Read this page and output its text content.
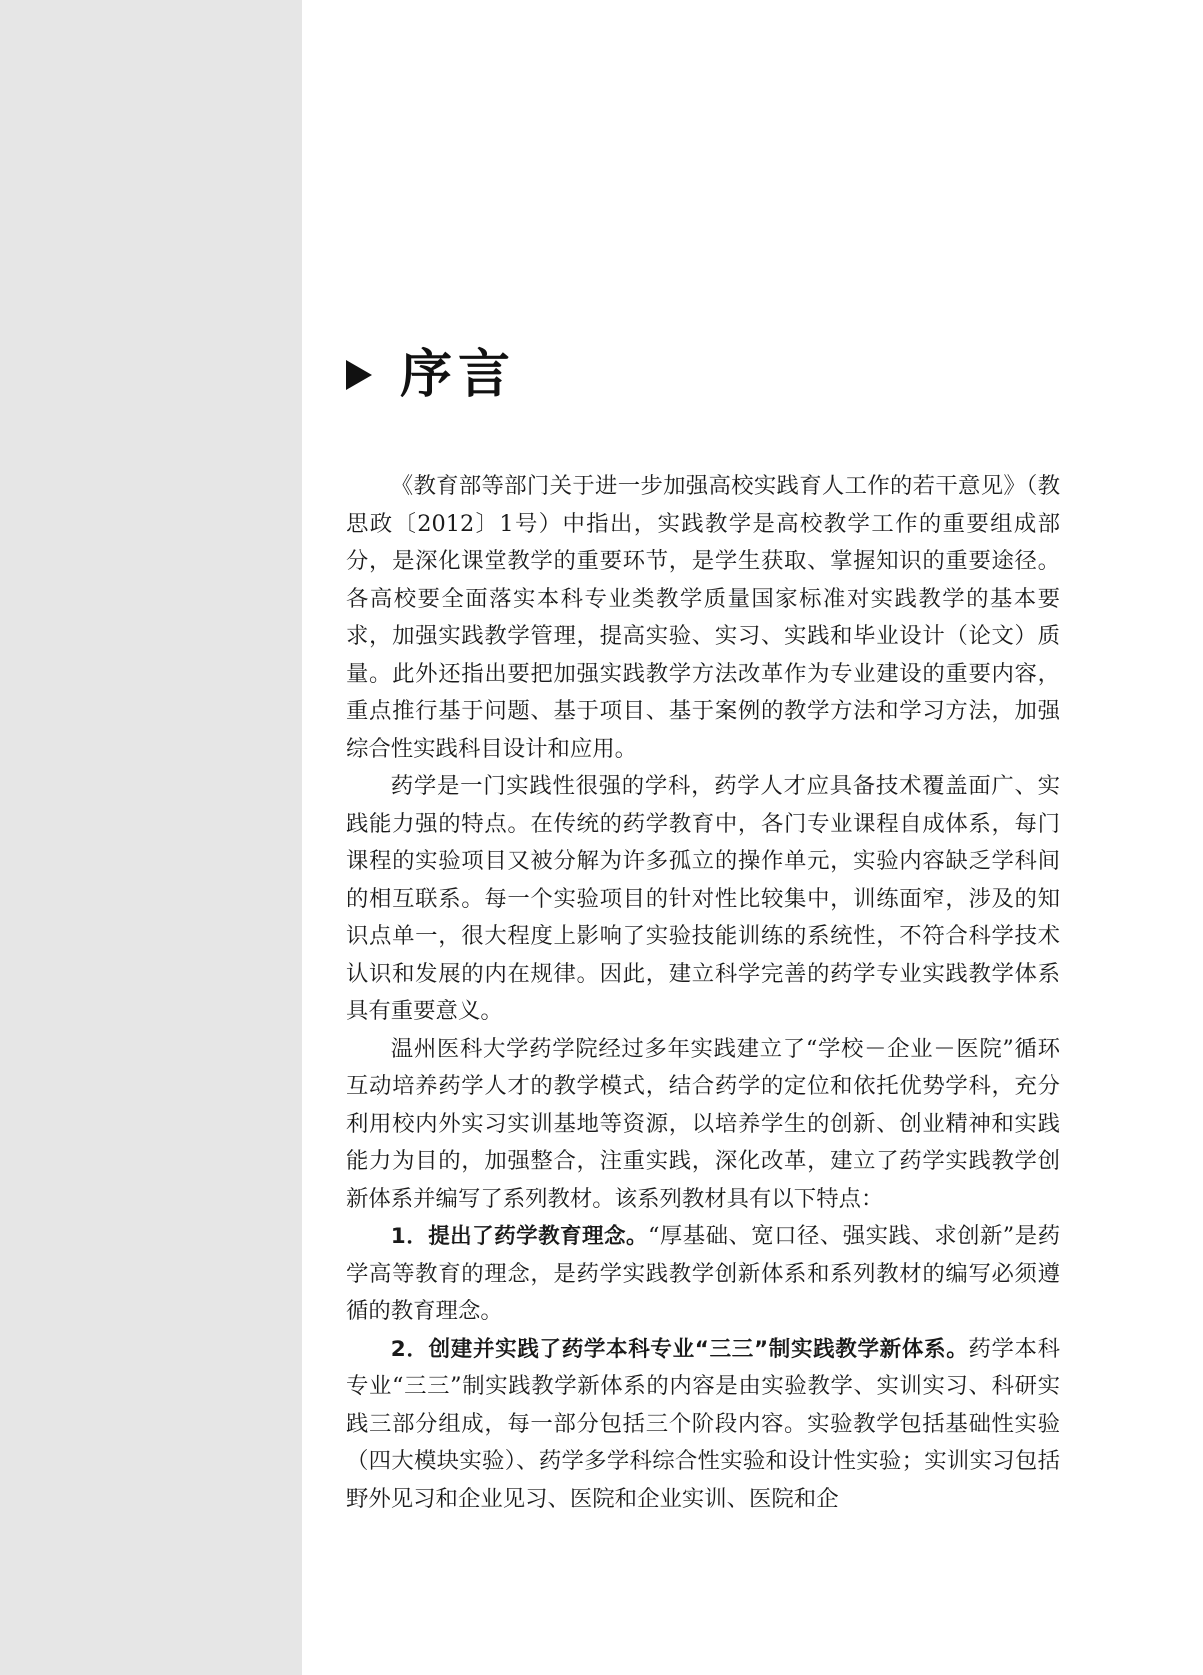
序言

《教育部等部门关于进一步加强高校实践育人工作的若干意见》（教思政〔2012〕1号）中指出，实践教学是高校教学工作的重要组成部分，是深化课堂教学的重要环节，是学生获取、掌握知识的重要途径。各高校要全面落实本科专业类教学质量国家标准对实践教学的基本要求，加强实践教学管理，提高实验、实习、实践和毕业设计（论文）质量。此外还指出要把加强实践教学方法改革作为专业建设的重要内容，重点推行基于问题、基于项目、基于案例的教学方法和学习方法，加强综合性实践科目设计和应用。

药学是一门实践性很强的学科，药学人才应具备技术覆盖面广、实践能力强的特点。在传统的药学教育中，各门专业课程自成体系，每门课程的实验项目又被分解为许多孤立的操作单元，实验内容缺乏学科间的相互联系。每一个实验项目的针对性比较集中，训练面窄，涉及的知识点单一，很大程度上影响了实验技能训练的系统性，不符合科学技术认识和发展的内在规律。因此，建立科学完善的药学专业实践教学体系具有重要意义。

温州医科大学药学院经过多年实践建立了“学校－企业－医院”循环互动培养药学人才的教学模式，结合药学的定位和依托优势学科，充分利用校内外实习实训基地等资源，以培养学生的创新、创业精神和实践能力为目的，加强整合，注重实践，深化改革，建立了药学实践教学创新体系并编写了系列教材。该系列教材具有以下特点：

1．提出了药学教育理念。“厚基础、宽口径、强实践、求创新”是药学高等教育的理念，是药学实践教学创新体系和系列教材的编写必须遵循的教育理念。

2．创建并实践了药学本科专业“三三”制实践教学新体系。药学本科专业“三三”制实践教学新体系的内容是由实验教学、实训实习、科研实践三部分组成，每一部分包括三个阶段内容。实验教学包括基础性实验（四大模块实验）、药学多学科综合性实验和设计性实验；实训实习包括野外见习和企业见习、医院和企业实训、医院和企
